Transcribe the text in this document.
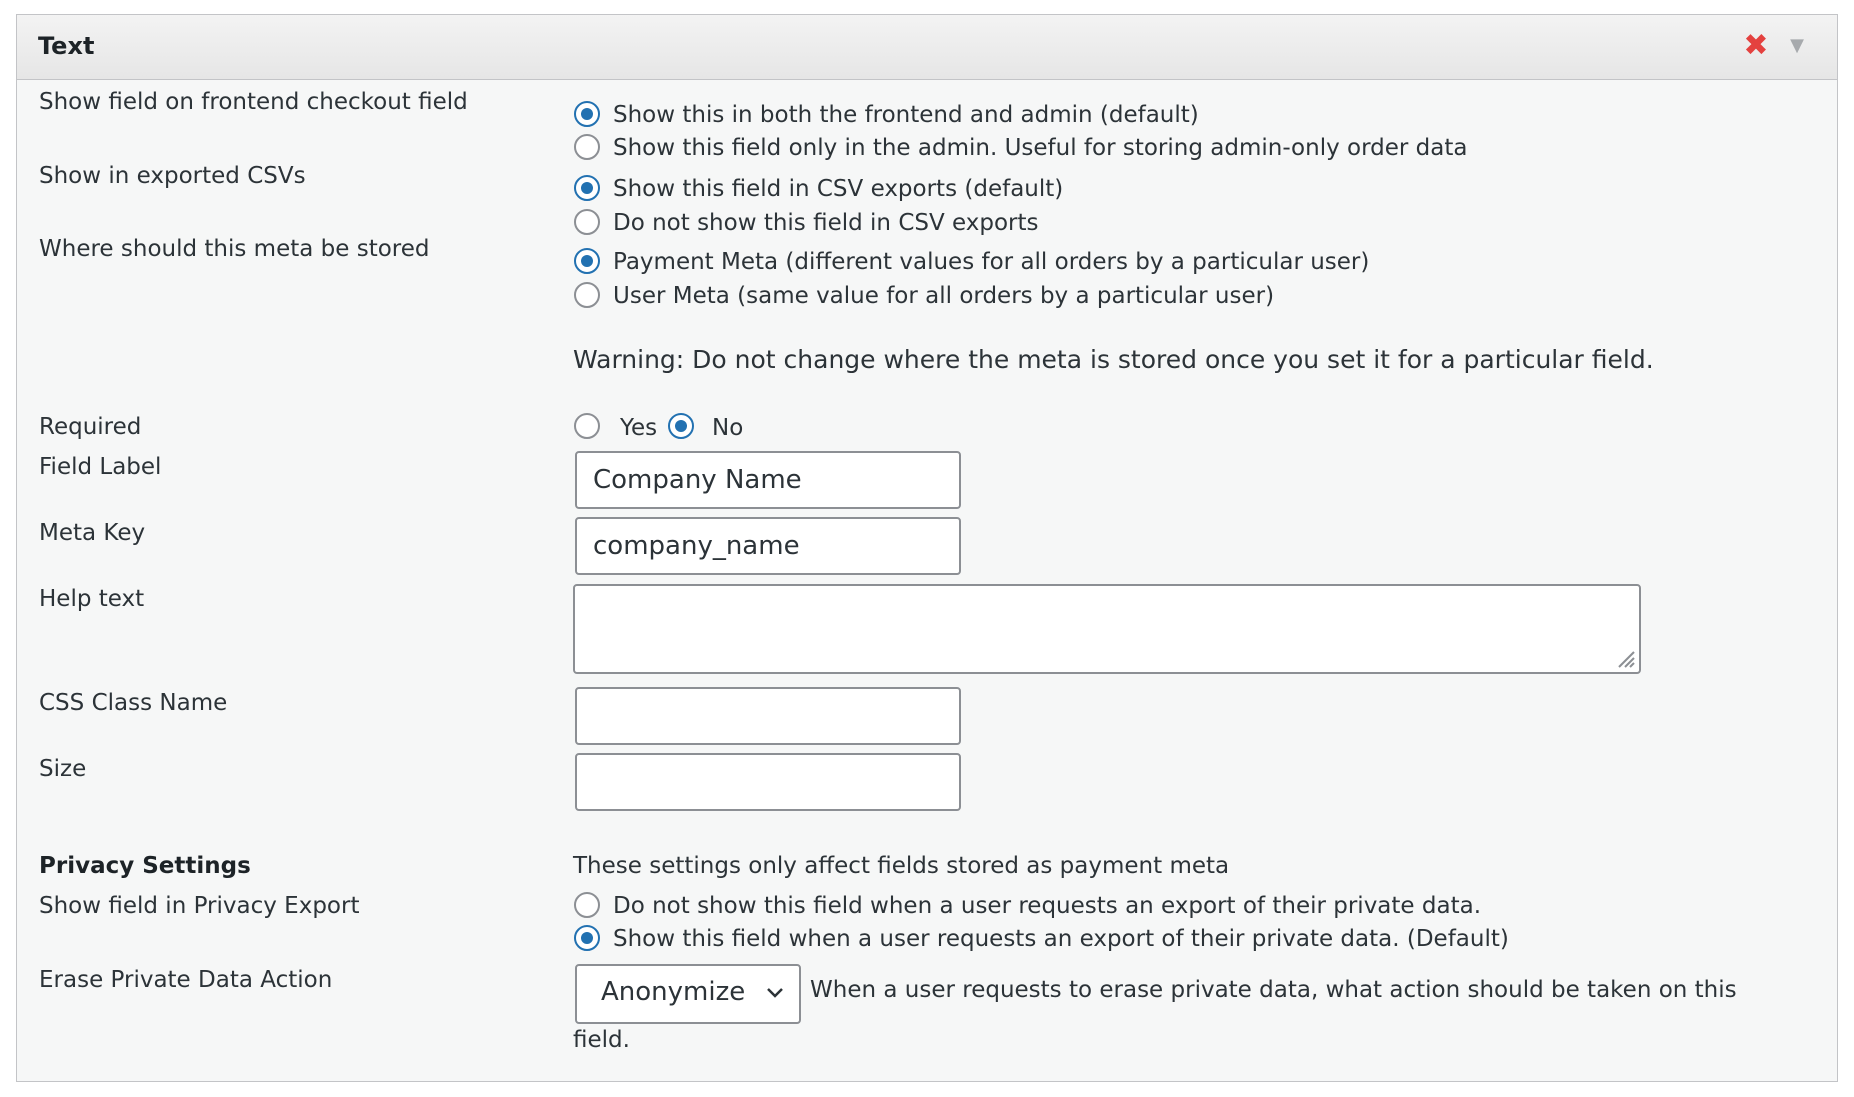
Text	✖ ▼
Show field on frontend checkout field	Show this in both the frontend and admin (default)
Show this field only in the admin. Useful for storing admin-only order data
Show in exported CSVs	Show this field in CSV exports (default)
Do not show this field in CSV exports
Where should this meta be stored	Payment Meta (different values for all orders by a particular user)
User Meta (same value for all orders by a particular user)
Warning: Do not change where the meta is stored once you set it for a particular field.
Required	Yes No
Field Label	Company Name
Meta Key	company_name
Help text
CSS Class Name
Size
Privacy Settings	These settings only affect fields stored as payment meta
Show field in Privacy Export	Do not show this field when a user requests an export of their private data.
Show this field when a user requests an export of their private data. (Default)
Erase Private Data Action	Anonymize	When a user requests to erase private data, what action should be taken on this
field.
